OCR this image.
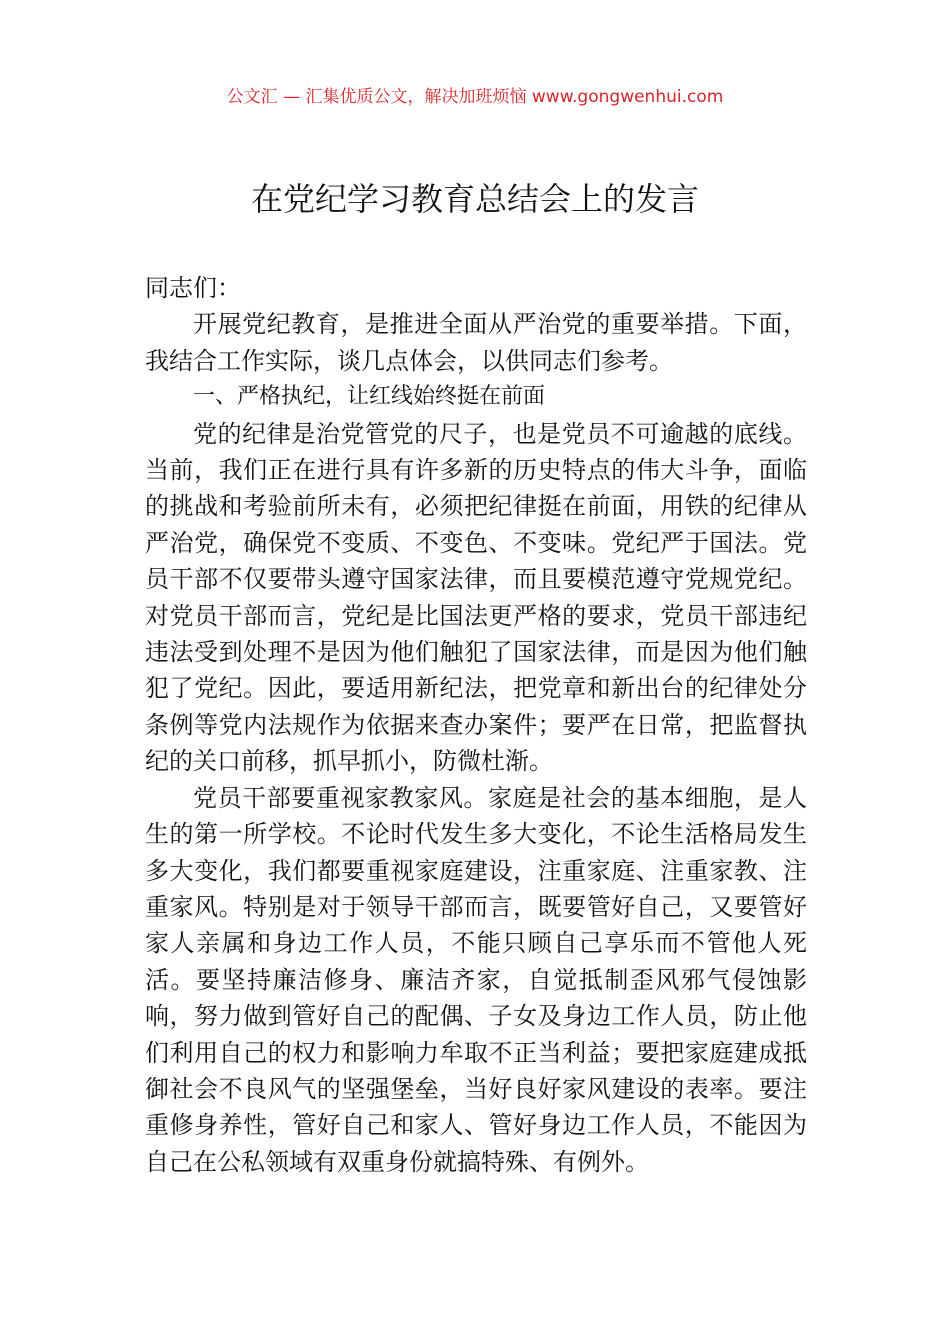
公文汇 — 汇集优质公文，解决加班烦恼 www.gongwenhui.com
在党纪学习教育总结会上的发言

同志们：

开展党纪教育，是推进全面从严治党的重要举措。下面，我结合工作实际，谈几点体会，以供同志们参考。

一、严格执纪，让红线始终挺在前面

党的纪律是治党管党的尺子，也是党员不可逾越的底线。当前，我们正在进行具有许多新的历史特点的伟大斗争，面临的挑战和考验前所未有，必须把纪律挺在前面，用铁的纪律从严治党，确保党不变质、不变色、不变味。党纪严于国法。党员干部不仅要带头遵守国家法律，而且要模范遵守党规党纪。对党员干部而言，党纪是比国法更严格的要求，党员干部违纪违法受到处理不是因为他们触犯了国家法律，而是因为他们触犯了党纪。因此，要适用新纪法，把党章和新出台的纪律处分条例等党内法规作为依据来查办案件；要严在日常，把监督执纪的关口前移，抓早抓小，防微杜渐。

党员干部要重视家教家风。家庭是社会的基本细胞，是人生的第一所学校。不论时代发生多大变化，不论生活格局发生多大变化，我们都要重视家庭建设，注重家庭、注重家教、注重家风。特别是对于领导干部而言，既要管好自己，又要管好家人亲属和身边工作人员，不能只顾自己享乐而不管他人死活。要坚持廉洁修身、廉洁齐家，自觉抵制歪风邪气侵蚀影响，努力做到管好自己的配偶、子女及身边工作人员，防止他们利用自己的权力和影响力牟取不正当利益；要把家庭建成抵御社会不良风气的坚强堡垒，当好良好家风建设的表率。要注重修身养性，管好自己和家人、管好身边工作人员，不能因为自己在公私领域有双重身份就搞特殊、有例外。
